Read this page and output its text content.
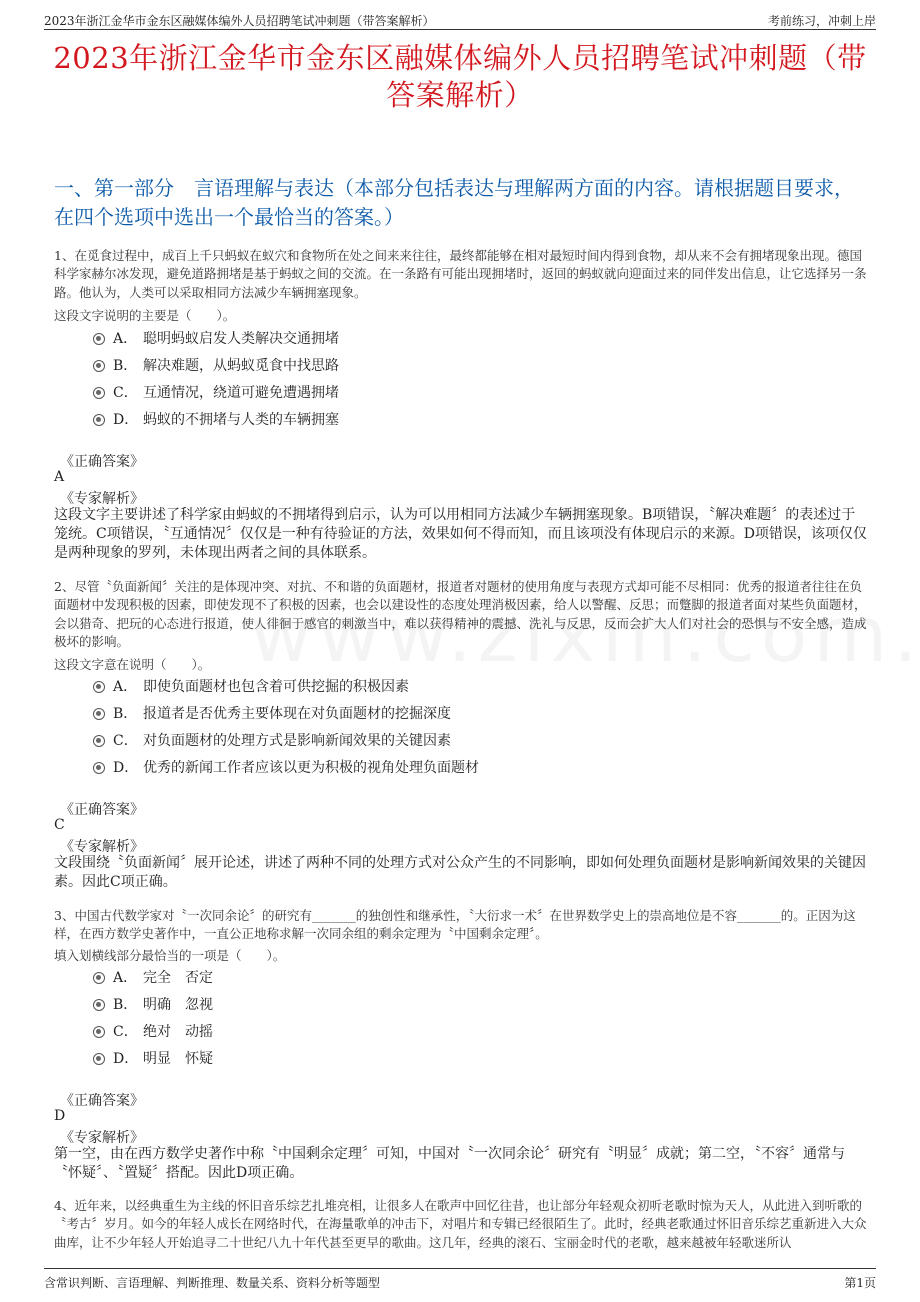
2023年浙江金华市金东区融媒体编外人员招聘笔试冲刺题（带答案解析）	考前练习，冲刺上岸
2023年浙江金华市金东区融媒体编外人员招聘笔试冲刺题（带答案解析）
一、第一部分　言语理解与表达（本部分包括表达与理解两方面的内容。请根据题目要求，在四个选项中选出一个最恰当的答案。）
1、在觅食过程中，成百上千只蚂蚁在蚁穴和食物所在处之间来来往往，最终都能够在相对最短时间内得到食物，却从来不会有拥堵现象出现。德国科学家赫尔冰发现，避免道路拥堵是基于蚂蚁之间的交流。在一条路有可能出现拥堵时，返回的蚂蚁就向迎面过来的同伴发出信息，让它选择另一条路。他认为，人类可以采取相同方法减少车辆拥塞现象。
这段文字说明的主要是（　　）。
A． 聪明蚂蚁启发人类解决交通拥堵
B． 解决难题，从蚂蚁觅食中找思路
C． 互通情况，绕道可避免遭遇拥堵
D． 蚂蚁的不拥堵与人类的车辆拥塞
《正确答案》
A
《专家解析》
这段文字主要讲述了科学家由蚂蚁的不拥堵得到启示，认为可以用相同方法减少车辆拥塞现象。B项错误，〝解决难题〞的表述过于笼统。C项错误，〝互通情况〞仅仅是一种有待验证的方法，效果如何不得而知，而且该项没有体现启示的来源。D项错误，该项仅仅是两种现象的罗列，未体现出两者之间的具体联系。
2、尽管〝负面新闻〞关注的是体现冲突、对抗、不和谐的负面题材，报道者对题材的使用角度与表现方式却可能不尽相同：优秀的报道者往往在负面题材中发现积极的因素，即使发现不了积极的因素，也会以建设性的态度处理消极因素，给人以警醒、反思；而蹩脚的报道者面对某些负面题材，会以猎奇、把玩的心态进行报道，使人徘徊于感官的刺激当中，难以获得精神的震撼、洗礼与反思，反而会扩大人们对社会的恐惧与不安全感，造成极坏的影响。
这段文字意在说明（　　）。
A． 即使负面题材也包含着可供挖掘的积极因素
B． 报道者是否优秀主要体现在对负面题材的挖掘深度
C． 对负面题材的处理方式是影响新闻效果的关键因素
D． 优秀的新闻工作者应该以更为积极的视角处理负面题材
《正确答案》
C
《专家解析》
文段围绕〝负面新闻〞展开论述，讲述了两种不同的处理方式对公众产生的不同影响，即如何处理负面题材是影响新闻效果的关键因素。因此C项正确。
3、中国古代数学家对〝一次同余论〞的研究有_______的独创性和继承性，〝大衍求一术〞在世界数学史上的崇高地位是不容_______的。正因为这样，在西方数学史著作中，一直公正地称求解一次同余组的剩余定理为〝中国剩余定理〞。
填入划横线部分最恰当的一项是（　　）。
A． 完全　否定
B． 明确　忽视
C． 绝对　动摇
D． 明显　怀疑
《正确答案》
D
《专家解析》
第一空，由在西方数学史著作中称〝中国剩余定理〞可知，中国对〝一次同余论〞研究有〝明显〞成就；第二空，〝不容〞通常与〝怀疑〞、〝置疑〞搭配。因此D项正确。
4、近年来，以经典重生为主线的怀旧音乐综艺扎堆亮相，让很多人在歌声中回忆往昔，也让部分年轻观众初听老歌时惊为天人，从此进入到听歌的〝考古〞岁月。如今的年轻人成长在网络时代，在海量歌单的冲击下，对唱片和专辑已经很陌生了。此时，经典老歌通过怀旧音乐综艺重新进入大众曲库，让不少年轻人开始追寻二十世纪八九十年代甚至更早的歌曲。这几年，经典的滚石、宝丽金时代的老歌，越来越被年轻歌迷所认
含常识判断、言语理解、判断推理、数量关系、资料分析等题型	第1页
